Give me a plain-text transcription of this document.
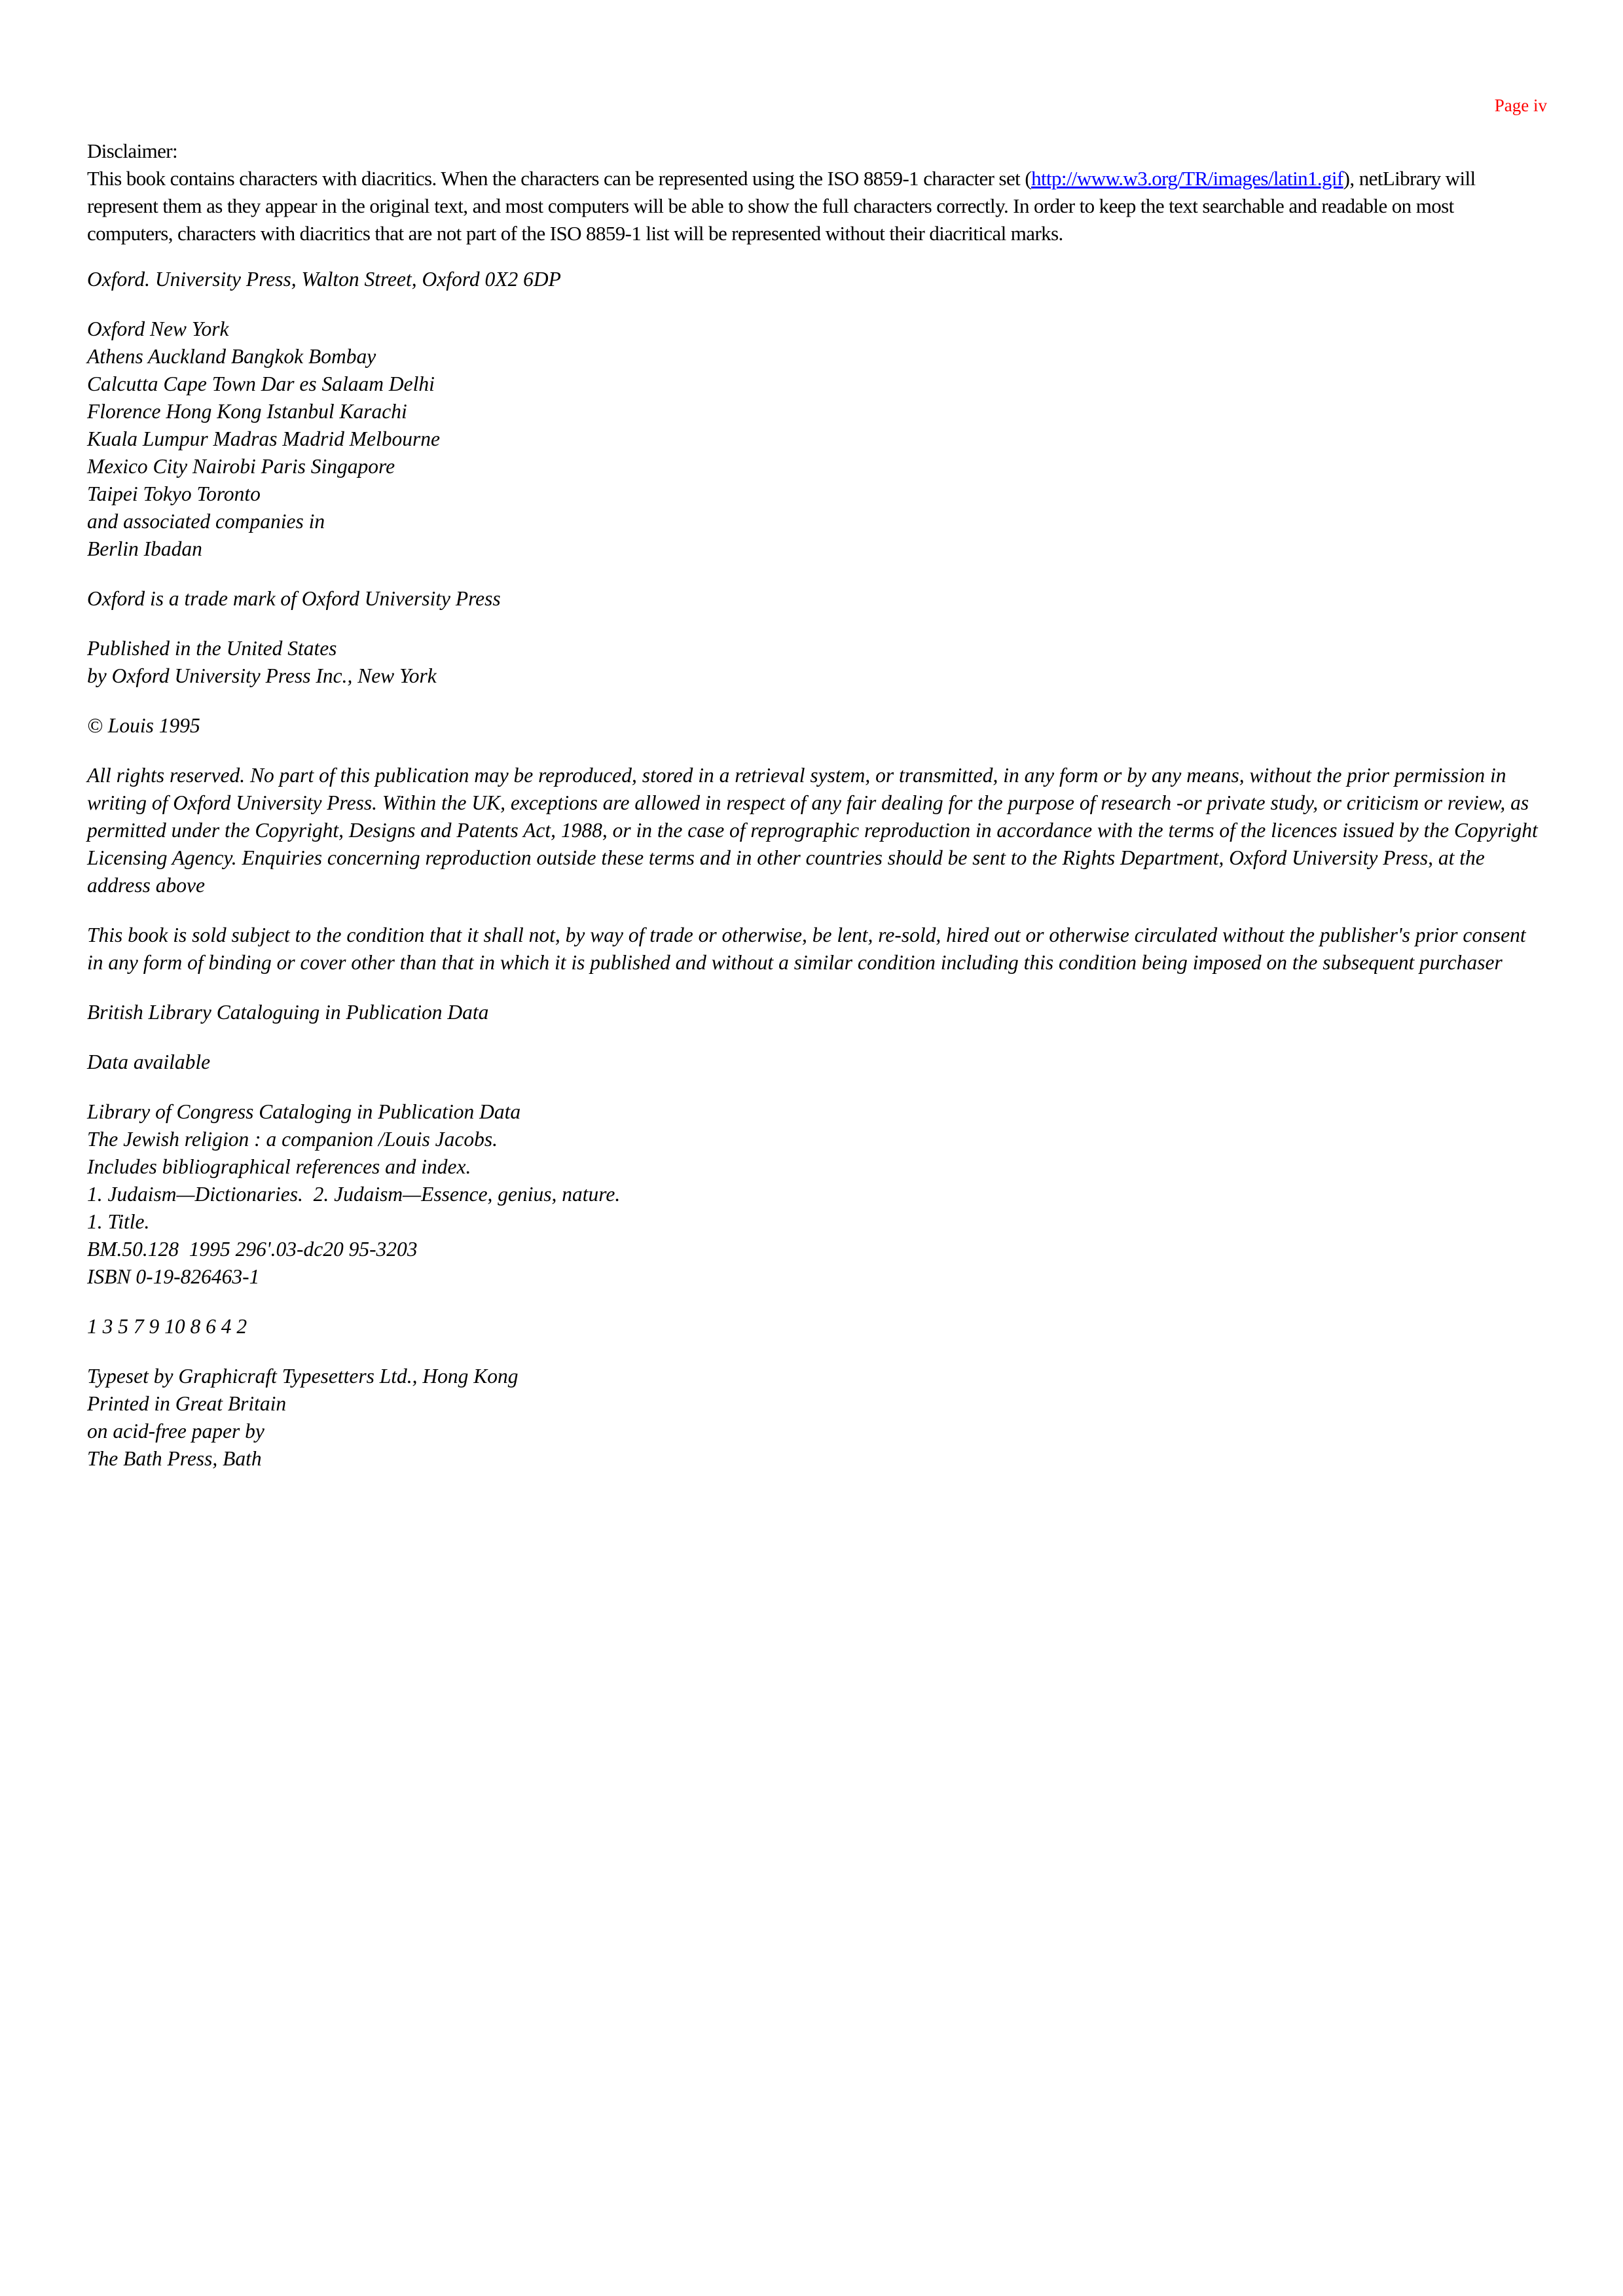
Page iv

Disclaimer:
This book contains characters with diacritics. When the characters can be represented using the ISO 8859-1 character set (http://www.w3.org/TR/images/latin1.gif), netLibrary will represent them as they appear in the original text, and most computers will be able to show the full characters correctly. In order to keep the text searchable and readable on most computers, characters with diacritics that are not part of the ISO 8859-1 list will be represented without their diacritical marks.

Oxford. University Press, Walton Street, Oxford 0X2 6DP

Oxford New York
Athens Auckland Bangkok Bombay
Calcutta Cape Town Dar es Salaam Delhi
Florence Hong Kong Istanbul Karachi
Kuala Lumpur Madras Madrid Melbourne
Mexico City Nairobi Paris Singapore
Taipei Tokyo Toronto
and associated companies in
Berlin Ibadan

Oxford is a trade mark of Oxford University Press

Published in the United States
by Oxford University Press Inc., New York

© Louis 1995

All rights reserved. No part of this publication may be reproduced, stored in a retrieval system, or transmitted, in any form or by any means, without the prior permission in writing of Oxford University Press. Within the UK, exceptions are allowed in respect of any fair dealing for the purpose of research -or private study, or criticism or review, as permitted under the Copyright, Designs and Patents Act, 1988, or in the case of reprographic reproduction in accordance with the terms of the licences issued by the Copyright Licensing Agency. Enquiries concerning reproduction outside these terms and in other countries should be sent to the Rights Department, Oxford University Press, at the address above

This book is sold subject to the condition that it shall not, by way of trade or otherwise, be lent, re-sold, hired out or otherwise circulated without the publisher's prior consent in any form of binding or cover other than that in which it is published and without a similar condition including this condition being imposed on the subsequent purchaser

British Library Cataloguing in Publication Data

Data available

Library of Congress Cataloging in Publication Data
The Jewish religion : a companion /Louis Jacobs.
Includes bibliographical references and index.
1. Judaism—Dictionaries.  2. Judaism—Essence, genius, nature.
1. Title.
BM.50.128  1995 296'.03-dc20 95-3203
ISBN 0-19-826463-1

1 3 5 7 9 10 8 6 4 2

Typeset by Graphicraft Typesetters Ltd., Hong Kong
Printed in Great Britain
on acid-free paper by
The Bath Press, Bath
